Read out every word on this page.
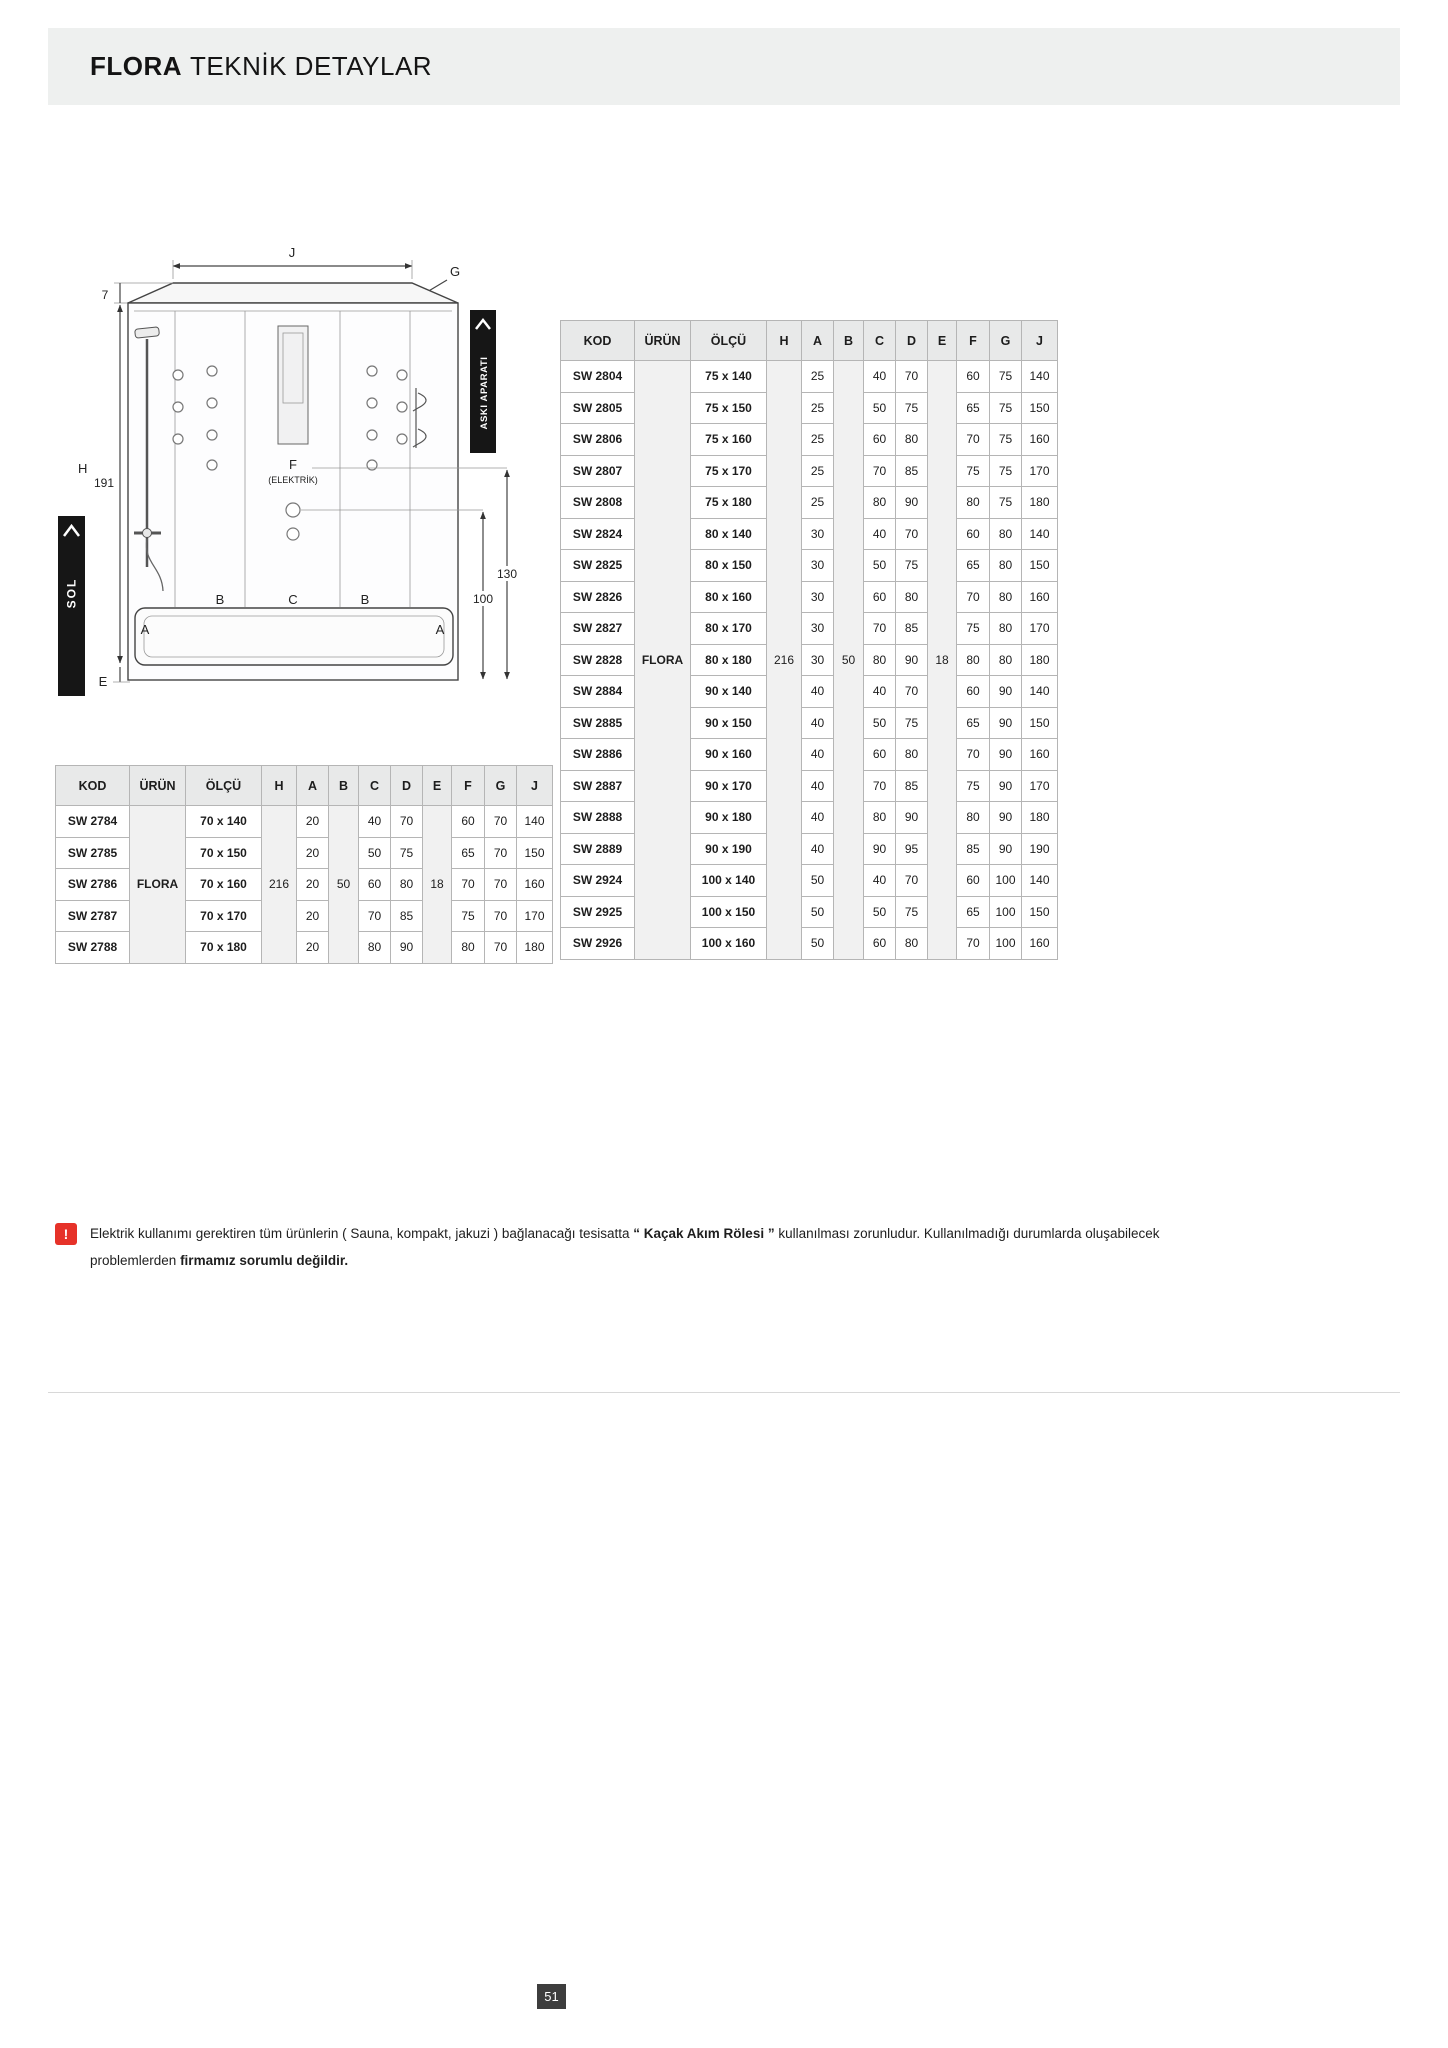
FLORA TEKNİK DETAYLAR
J
G
7
F
(ELEKTRİK)
130
100
A
B	C	B
A
H
191
E
SOL
ASKI APARATI
KOD	ÜRÜN	ÖLÇÜ	H	A	B	C	D	E	F	G	J
SW 2784	FLORA	70 x 140	216	20	50	40	70	18	60	70	140
SW 2785		70 x 150		20		50	75		65	70	150
SW 2786		70 x 160		20		60	80		70	70	160
SW 2787		70 x 170		20		70	85		75	70	170
SW 2788		70 x 180		20		80	90		80	70	180
KOD	ÜRÜN	ÖLÇÜ	H	A	B	C	D	E	F	G	J
SW 2804	FLORA	75 x 140	216	25	50	40	70	18	60	75	140
SW 2805		75 x 150		25		50	75		65	75	150
SW 2806		75 x 160		25		60	80		70	75	160
SW 2807		75 x 170		25		70	85		75	75	170
SW 2808		75 x 180		25		80	90		80	75	180
SW 2824		80 x 140		30		40	70		60	80	140
SW 2825		80 x 150		30		50	75		65	80	150
SW 2826		80 x 160		30		60	80		70	80	160
SW 2827		80 x 170		30		70	85		75	80	170
SW 2828		80 x 180		30		80	90		80	80	180
SW 2884		90 x 140		40		40	70		60	90	140
SW 2885		90 x 150		40		50	75		65	90	150
SW 2886		90 x 160		40		60	80		70	90	160
SW 2887		90 x 170		40		70	85		75	90	170
SW 2888		90 x 180		40		80	90		80	90	180
SW 2889		90 x 190		40		90	95		85	90	190
SW 2924		100 x 140		50		40	70		60	100	140
SW 2925		100 x 150		50		50	75		65	100	150
SW 2926		100 x 160		50		60	80		70	100	160
!	Elektrik kullanımı gerektiren tüm ürünlerin ( Sauna, kompakt, jakuzi ) bağlanacağı tesisatta “ Kaçak Akım Rölesi ” kullanılması zorunludur. Kullanılmadığı durumlarda oluşabilecek
problemlerden firmamız sorumlu değildir.
51
